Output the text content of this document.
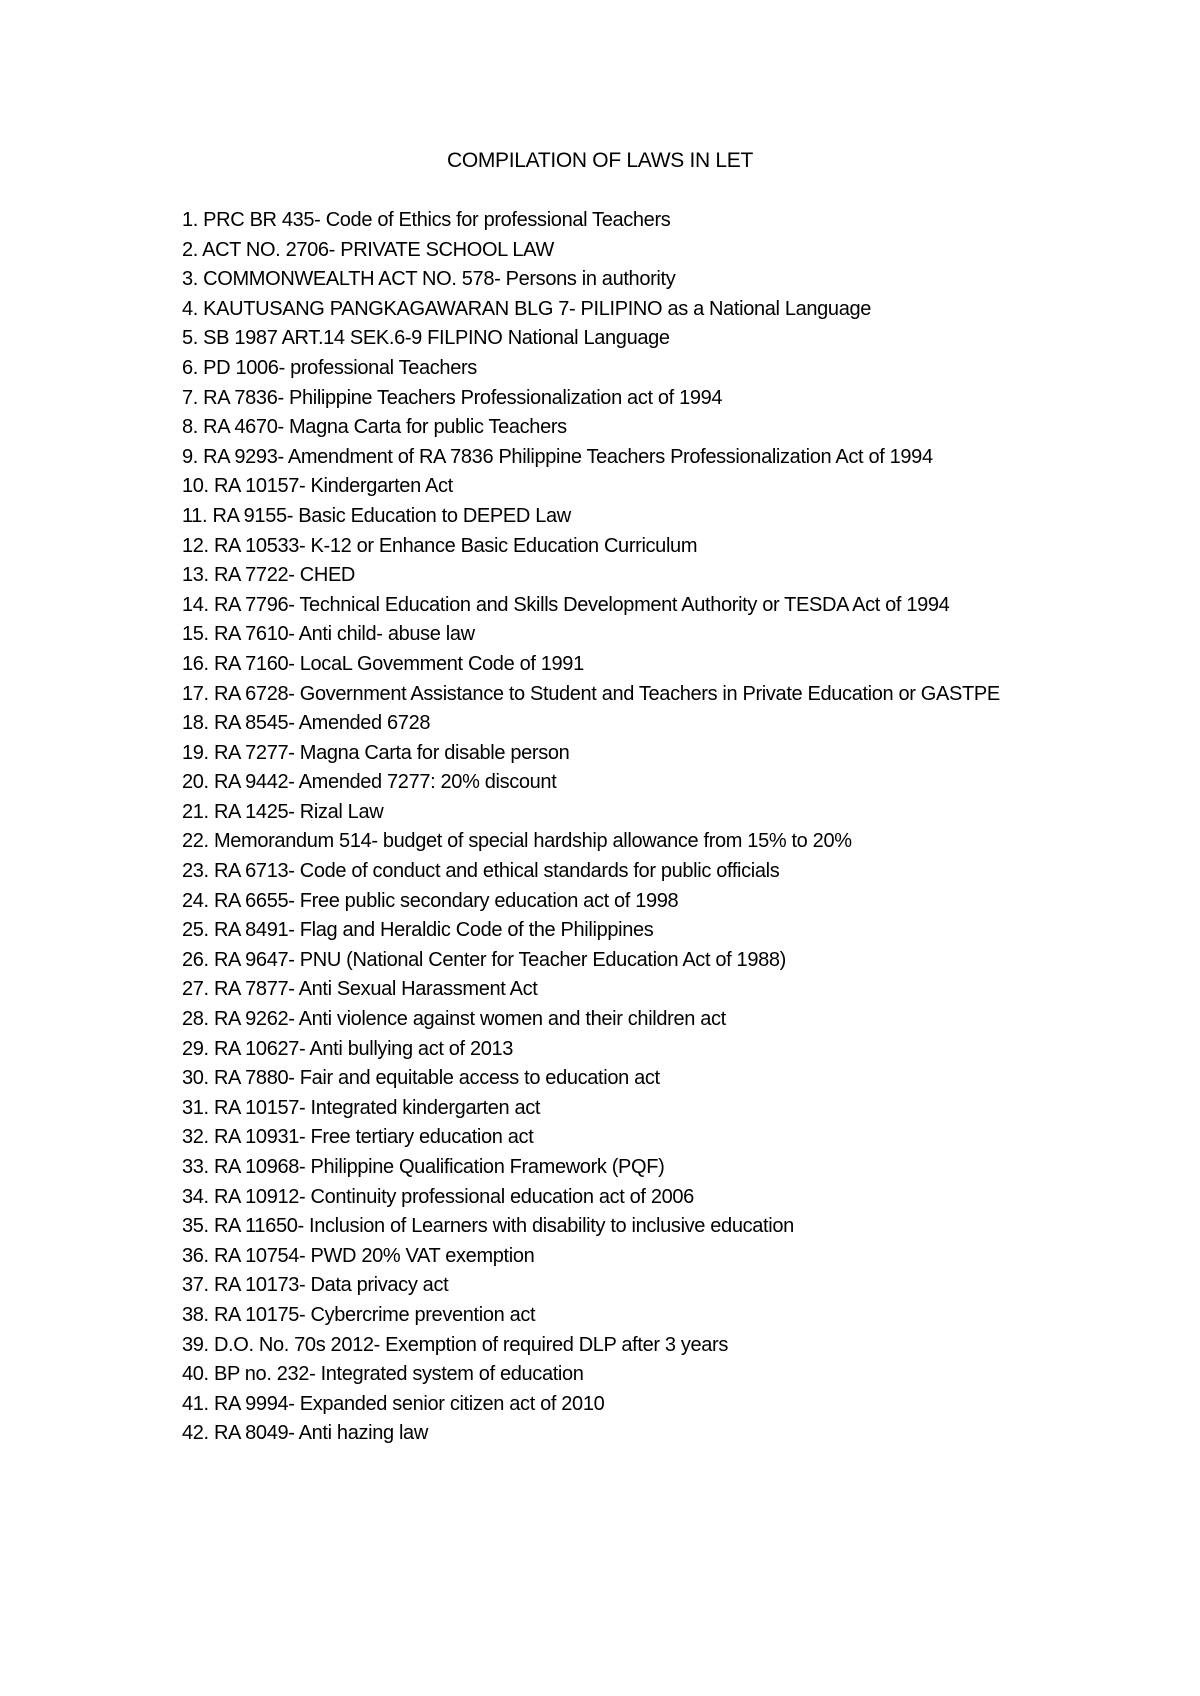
COMPILATION OF LAWS IN LET
1. PRC BR 435- Code of Ethics for professional Teachers
2. ACT NO. 2706- PRIVATE SCHOOL LAW
3. COMMONWEALTH ACT NO. 578- Persons in authority
4. KAUTUSANG PANGKAGAWARAN BLG 7- PILIPINO as a National Language
5. SB 1987 ART.14 SEK.6-9 FILPINO National Language
6. PD 1006- professional Teachers
7. RA 7836- Philippine Teachers Professionalization act of 1994
8. RA 4670- Magna Carta for public Teachers
9. RA 9293- Amendment of RA 7836 Philippine Teachers Professionalization Act of 1994
10. RA 10157- Kindergarten Act
11. RA 9155- Basic Education to DEPED Law
12. RA 10533- K-12 or Enhance Basic Education Curriculum
13. RA 7722- CHED
14. RA 7796- Technical Education and Skills Development Authority or TESDA Act of 1994
15. RA 7610- Anti child- abuse law
16. RA 7160- LocaL Govemment Code of 1991
17. RA 6728- Government Assistance to Student and Teachers in Private Education or GASTPE
18. RA 8545- Amended 6728
19. RA 7277- Magna Carta for disable person
20. RA 9442- Amended 7277: 20% discount
21. RA 1425- Rizal Law
22. Memorandum 514- budget of special hardship allowance from 15% to 20%
23. RA 6713- Code of conduct and ethical standards for public officials
24. RA 6655- Free public secondary education act of 1998
25. RA 8491- Flag and Heraldic Code of the Philippines
26. RA 9647- PNU (National Center for Teacher Education Act of 1988)
27. RA 7877- Anti Sexual Harassment Act
28. RA 9262- Anti violence against women and their children act
29. RA 10627- Anti bullying act of 2013
30. RA 7880- Fair and equitable access to education act
31. RA 10157- Integrated kindergarten act
32. RA 10931- Free tertiary education act
33. RA 10968- Philippine Qualification Framework (PQF)
34. RA 10912- Continuity professional education act of 2006
35. RA 11650- Inclusion of Learners with disability to inclusive education
36. RA 10754- PWD 20% VAT exemption
37. RA 10173- Data privacy act
38. RA 10175- Cybercrime prevention act
39. D.O. No. 70s 2012- Exemption of required DLP after 3 years
40. BP no. 232- Integrated system of education
41. RA 9994- Expanded senior citizen act of 2010
42. RA 8049- Anti hazing law
